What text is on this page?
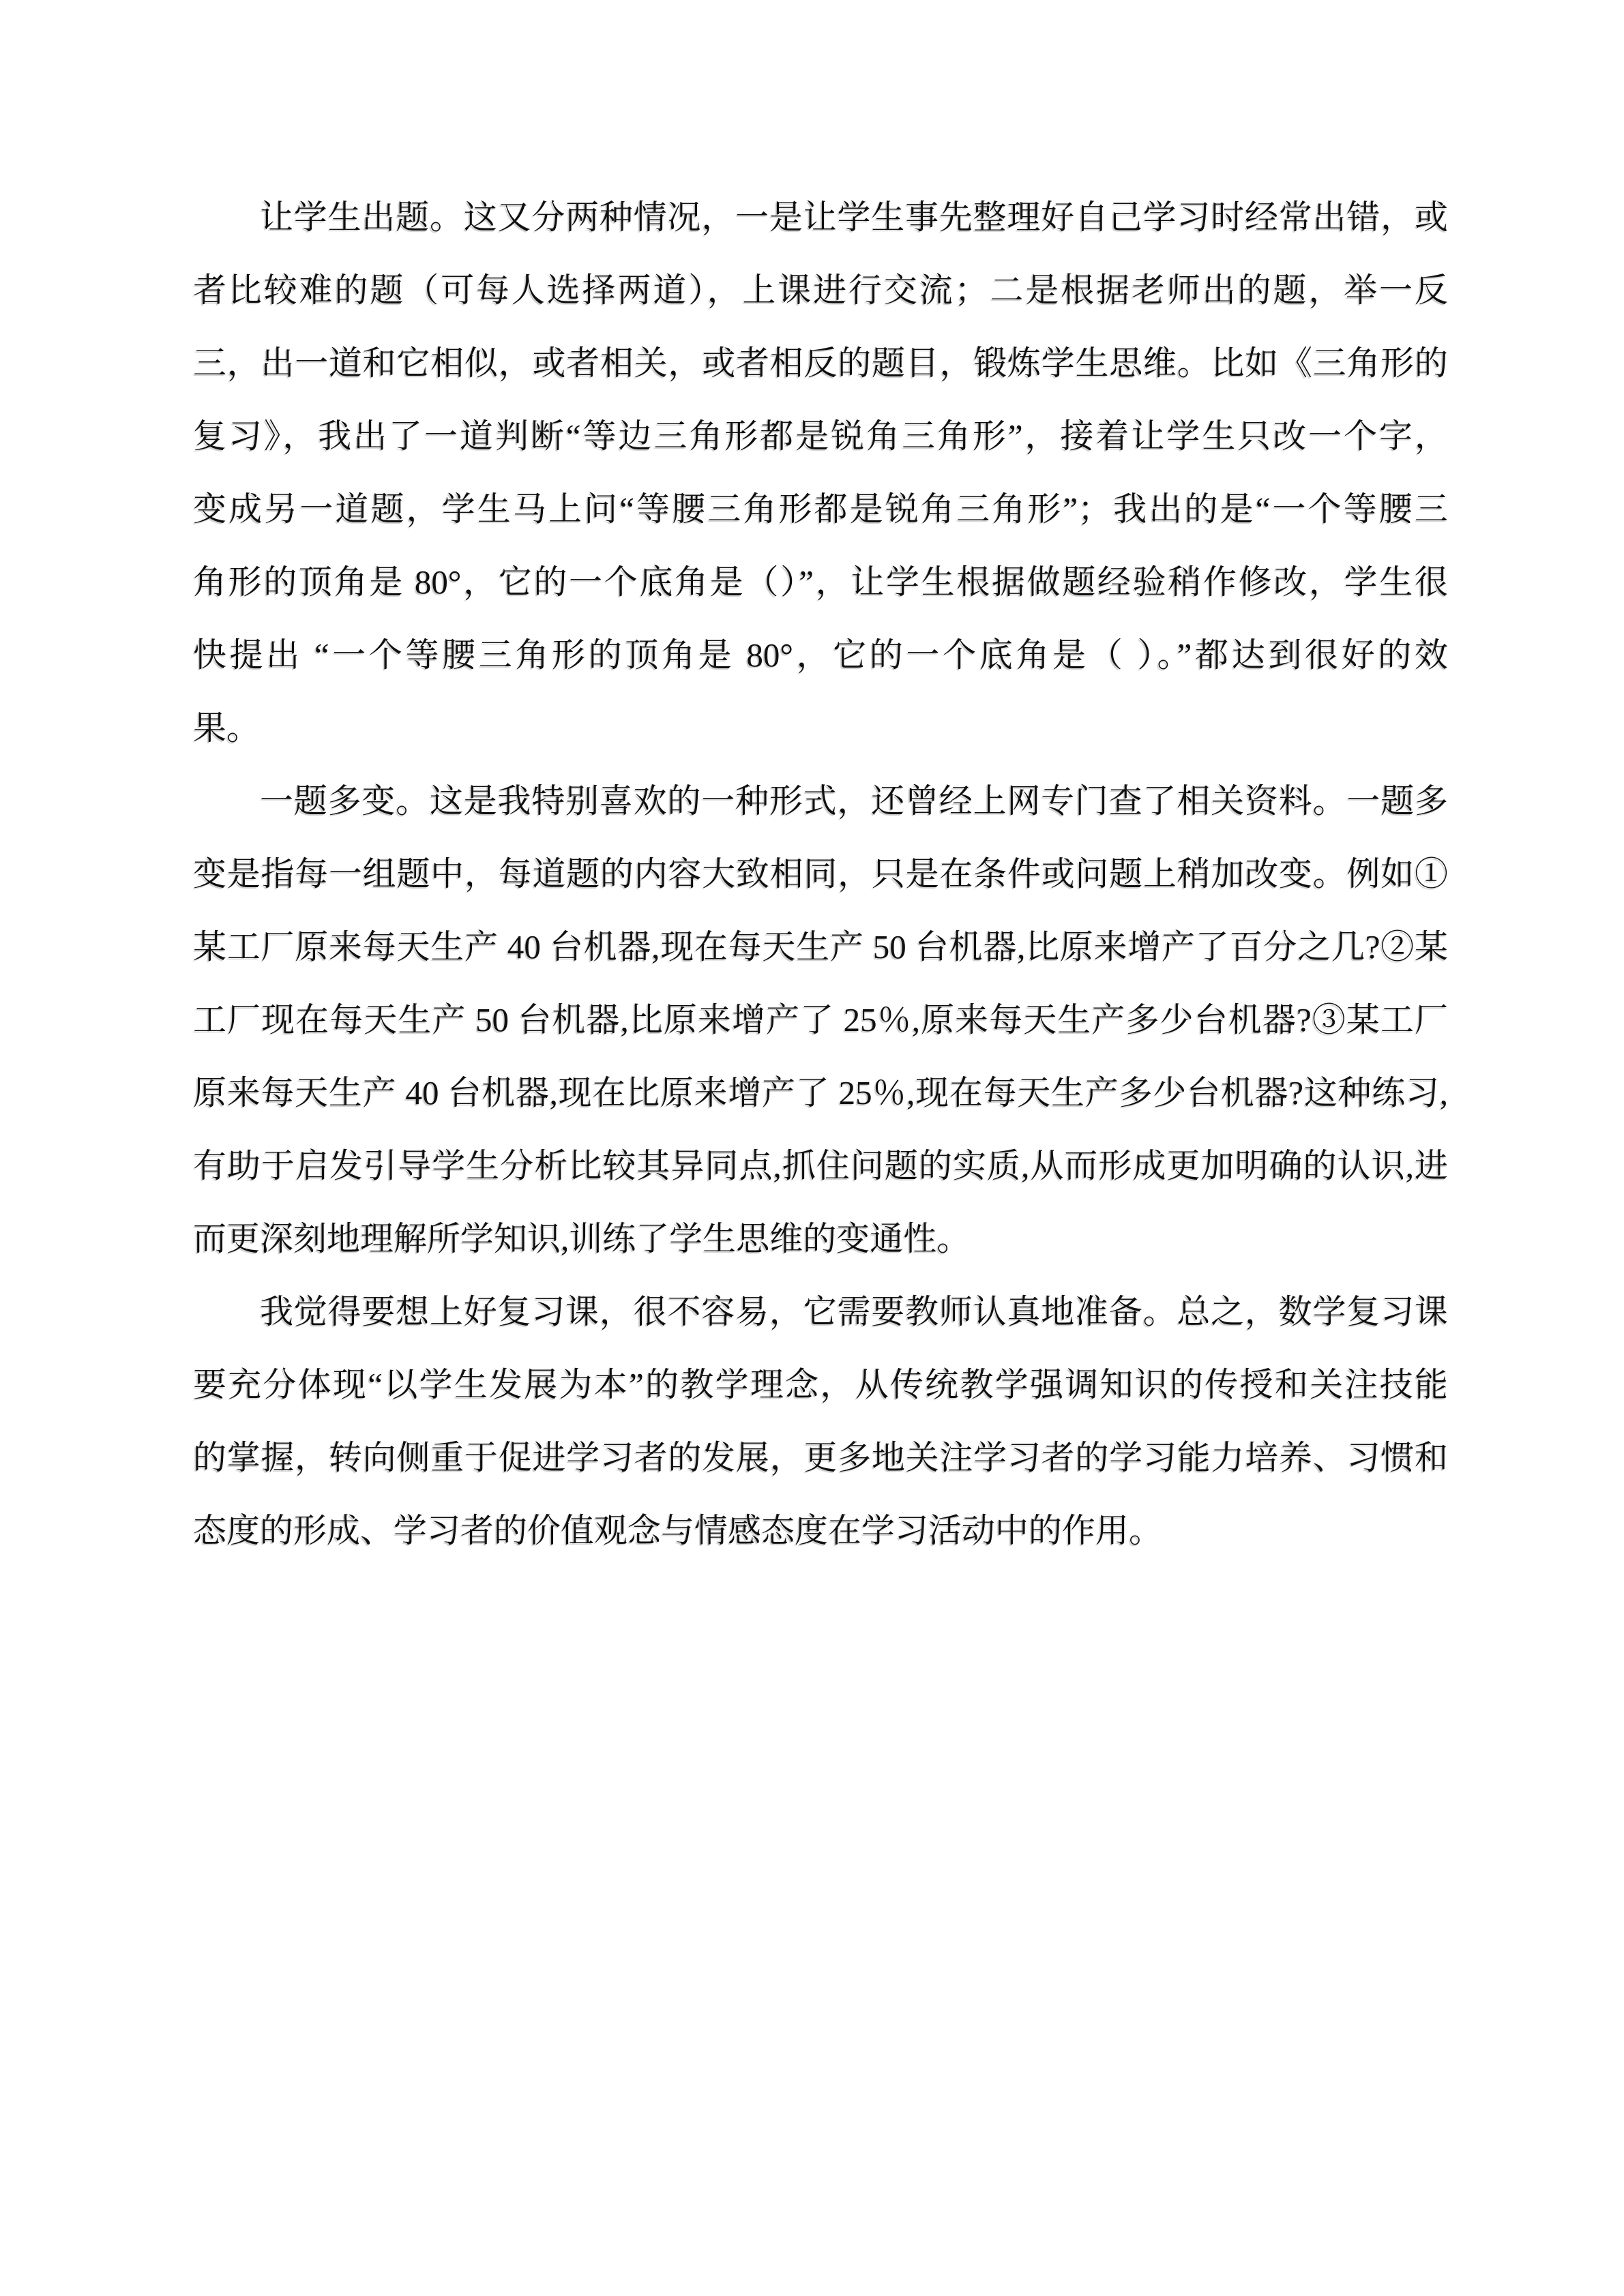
让学生出题。这又分两种情况，一是让学生事先整理好自己学习时经常出错，或
者比较难的题（可每人选择两道），上课进行交流；二是根据老师出的题，举一反
三，出一道和它相似，或者相关，或者相反的题目，锻炼学生思维。比如《三角形的
复习》，我出了一道判断“等边三角形都是锐角三角形”，接着让学生只改一个字，
变成另一道题，学生马上问“等腰三角形都是锐角三角形”；我出的是“一个等腰三
角形的顶角是 80°，它的一个底角是（）”，让学生根据做题经验稍作修改，学生很
快提出 “一个等腰三角形的顶角是 80°，它的一个底角是（ ）。”都达到很好的效
果。
一题多变。这是我特别喜欢的一种形式，还曾经上网专门查了相关资料。一题多
变是指每一组题中，每道题的内容大致相同，只是在条件或问题上稍加改变。例如①
某工厂原来每天生产 40 台机器,现在每天生产 50 台机器,比原来增产了百分之几?②某
工厂现在每天生产 50 台机器,比原来增产了 25％,原来每天生产多少台机器?③某工厂
原来每天生产 40 台机器,现在比原来增产了 25％,现在每天生产多少台机器?这种练习,
有助于启发引导学生分析比较其异同点,抓住问题的实质,从而形成更加明确的认识,进
而更深刻地理解所学知识,训练了学生思维的变通性。
我觉得要想上好复习课，很不容易，它需要教师认真地准备。总之，数学复习课
要充分体现“以学生发展为本”的教学理念，从传统教学强调知识的传授和关注技能
的掌握，转向侧重于促进学习者的发展，更多地关注学习者的学习能力培养、习惯和
态度的形成、学习者的价值观念与情感态度在学习活动中的作用。
